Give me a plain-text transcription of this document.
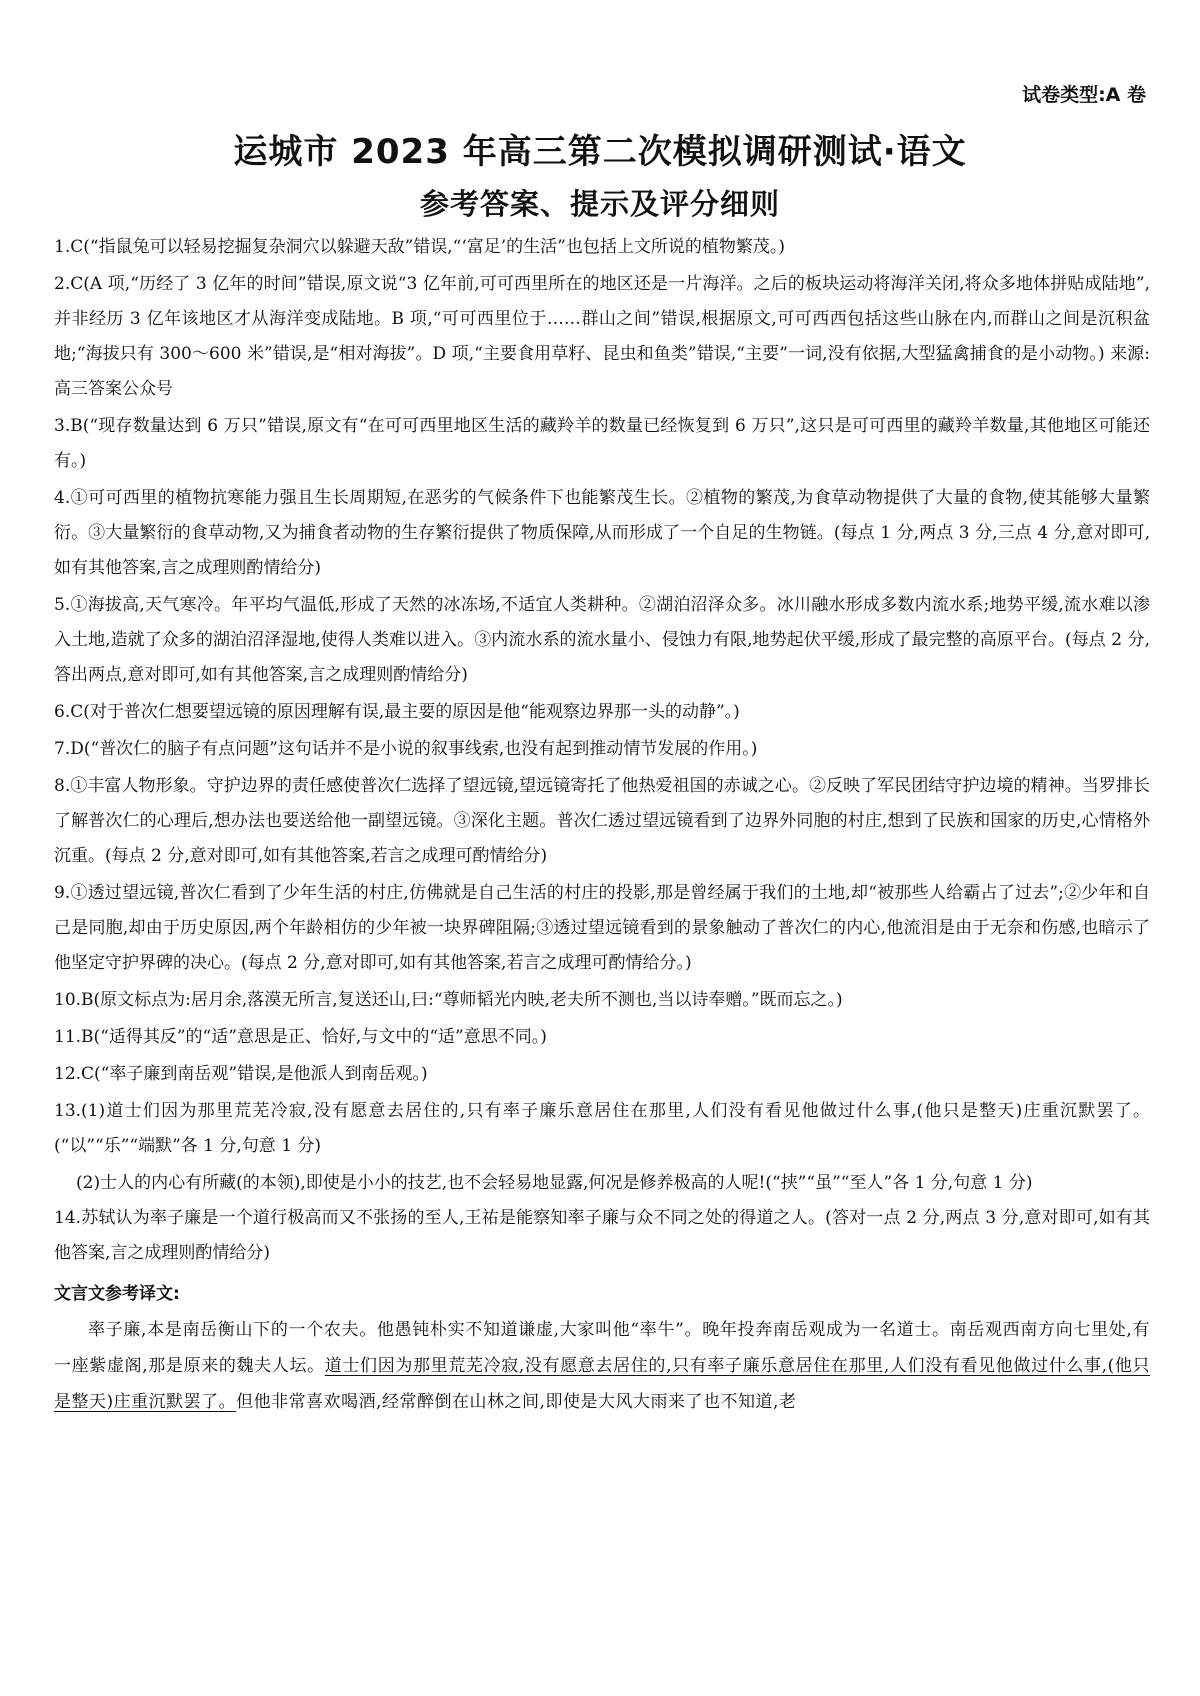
试卷类型:A 卷
运城市 2023 年高三第二次模拟调研测试·语文
参考答案、提示及评分细则
1.C(“指鼠兔可以轻易挖掘复杂洞穴以躲避天敌”错误,“‘富足’的生活”也包括上文所说的植物繁茂。)
2.C(A 项,“历经了 3 亿年的时间”错误,原文说“3 亿年前,可可西里所在的地区还是一片海洋。之后的板块运动将海洋关闭,将众多地体拼贴成陆地”,并非经历 3 亿年该地区才从海洋变成陆地。B 项,“可可西里位于……群山之间”错误,根据原文,可可西西包括这些山脉在内,而群山之间是沉积盆地;“海拔只有 300～600 米”错误,是“相对海拔”。D 项,“主要食用草籽、昆虫和鱼类”错误,“主要”一词,没有依据,大型猛禽捕食的是小动物。) 来源: 高三答案公众号
3.B(“现存数量达到 6 万只”错误,原文有“在可可西里地区生活的藏羚羊的数量已经恢复到 6 万只”,这只是可可西里的藏羚羊数量,其他地区可能还有。)
4.①可可西里的植物抗寒能力强且生长周期短,在恶劣的气候条件下也能繁茂生长。②植物的繁茂,为食草动物提供了大量的食物,使其能够大量繁衍。③大量繁衍的食草动物,又为捕食者动物的生存繁衍提供了物质保障,从而形成了一个自足的生物链。(每点 1 分,两点 3 分,三点 4 分,意对即可,如有其他答案,言之成理则酌情给分)
5.①海拔高,天气寒冷。年平均气温低,形成了天然的冰冻场,不适宜人类耕种。②湖泊沼泽众多。冰川融水形成多数内流水系;地势平缓,流水难以渗入土地,造就了众多的湖泊沼泽湿地,使得人类难以进入。③内流水系的流水量小、侵蚀力有限,地势起伏平缓,形成了最完整的高原平台。(每点 2 分,答出两点,意对即可,如有其他答案,言之成理则酌情给分)
6.C(对于普次仁想要望远镜的原因理解有误,最主要的原因是他“能观察边界那一头的动静”。)
7.D(“普次仁的脑子有点问题”这句话并不是小说的叙事线索,也没有起到推动情节发展的作用。)
8.①丰富人物形象。守护边界的责任感使普次仁选择了望远镜,望远镜寄托了他热爱祖国的赤诚之心。②反映了军民团结守护边境的精神。当罗排长了解普次仁的心理后,想办法也要送给他一副望远镜。③深化主题。普次仁透过望远镜看到了边界外同胞的村庄,想到了民族和国家的历史,心情格外沉重。(每点 2 分,意对即可,如有其他答案,若言之成理可酌情给分)
9.①透过望远镜,普次仁看到了少年生活的村庄,仿佛就是自己生活的村庄的投影,那是曾经属于我们的土地,却“被那些人给霸占了过去”;②少年和自己是同胞,却由于历史原因,两个年龄相仿的少年被一块界碑阻隔;③透过望远镜看到的景象触动了普次仁的内心,他流泪是由于无奈和伤感,也暗示了他坚定守护界碑的决心。(每点 2 分,意对即可,如有其他答案,若言之成理可酌情给分。)
10.B(原文标点为:居月余,落漠无所言,复送还山,曰:“尊师韬光内映,老夫所不测也,当以诗奉赠。”既而忘之。)
11.B(“适得其反”的“适”意思是正、恰好,与文中的“适”意思不同。)
12.C(“率子廉到南岳观”错误,是他派人到南岳观。)
13.(1)道士们因为那里荒芜冷寂,没有愿意去居住的,只有率子廉乐意居住在那里,人们没有看见他做过什么事,(他只是整天)庄重沉默罢了。(“以”“乐”“端默”各 1 分,句意 1 分)
(2)士人的内心有所藏(的本领),即使是小小的技艺,也不会轻易地显露,何况是修养极高的人呢!(“挟”“虽”“至人”各 1 分,句意 1 分)
14.苏轼认为率子廉是一个道行极高而又不张扬的至人,王祐是能察知率子廉与众不同之处的得道之人。(答对一点 2 分,两点 3 分,意对即可,如有其他答案,言之成理则酌情给分)
文言文参考译文:
率子廉,本是南岳衡山下的一个农夫。他愚钝朴实不知道谦虚,大家叫他“率牛”。晚年投奔南岳观成为一名道士。南岳观西南方向七里处,有一座紫虚阁,那是原来的魏夫人坛。道士们因为那里荒芜冷寂,没有愿意去居住的,只有率子廉乐意居住在那里,人们没有看见他做过什么事,(他只是整天)庄重沉默罢了。但他非常喜欢喝酒,经常醉倒在山林之间,即使是大风大雨来了也不知道,老
